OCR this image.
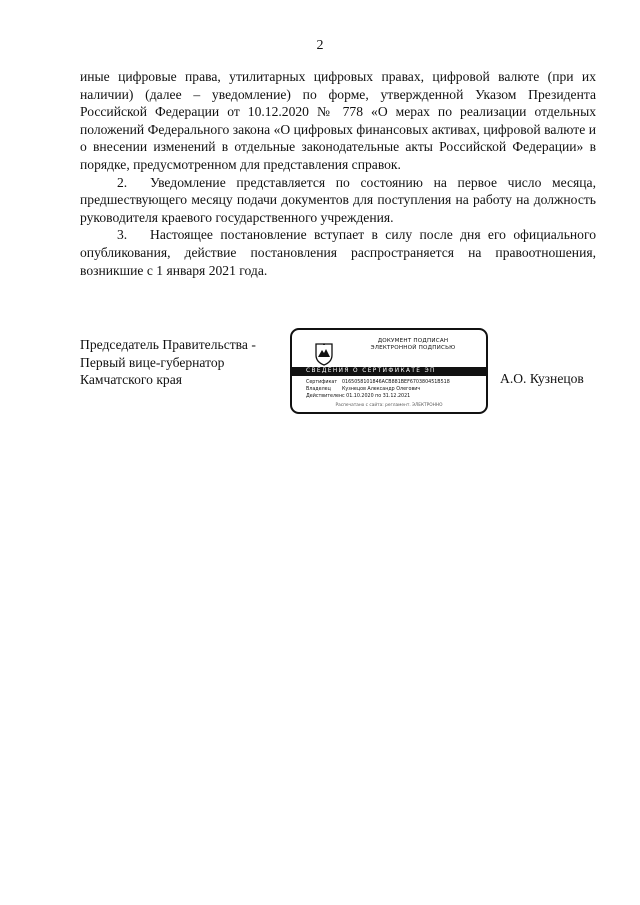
2

иные цифровые права, утилитарных цифровых правах, цифровой валюте (при их наличии) (далее – уведомление) по форме, утвержденной Указом Президента Российской Федерации от 10.12.2020 № 778 «О мерах по реализации отдельных положений Федерального закона «О цифровых финансовых активах, цифровой валюте и о внесении изменений в отдельные законодательные акты Российской Федерации» в порядке, предусмотренном для представления справок.

2. Уведомление представляется по состоянию на первое число месяца, предшествующего месяцу подачи документов для поступления на работу на должность руководителя краевого государственного учреждения.

3. Настоящее постановление вступает в силу после дня его официального опубликования, действие постановления распространяется на правоотношения, возникшие с 1 января 2021 года.

Председатель Правительства -
Первый вице-губернатор
Камчатского края
ДОКУМЕНТ ПОДПИСАН
ЭЛЕКТРОННОЙ ПОДПИСЬЮ
СВЕДЕНИЯ О СЕРТИФИКАТЕ ЭП
Сертификат 0165058101846АСВ881ВЕF670380451В518
Владелец Кузнецов Александр Олегович
Действителенс 01.10.2020 по 31.12.2021
Распечатано с сайта: регламент. ЭЛЕКТРОННО
А.О. Кузнецов
